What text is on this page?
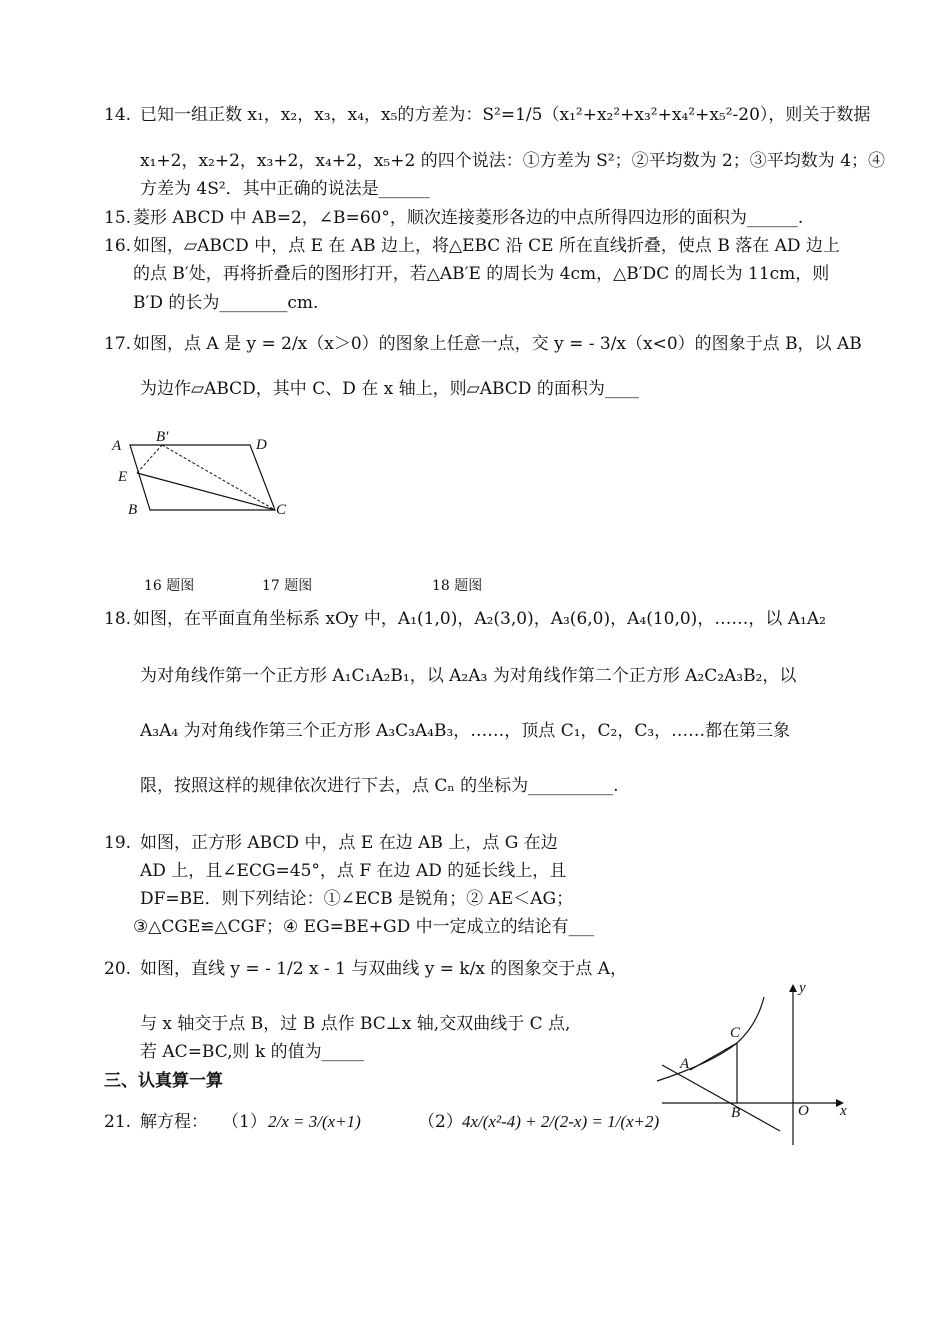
14. 已知一组正数 x₁，x₂，x₃，x₄，x₅的方差为：S²=1/5（x₁²+x₂²+x₃²+x₄²+x₅²-20），则关于数据
x₁+2，x₂+2，x₃+2，x₄+2，x₅+2 的四个说法：①方差为 S²；②平均数为 2；③平均数为 4；④
方差为 4S²．其中正确的说法是______
15. 菱形 ABCD 中 AB=2，∠B=60°，顺次连接菱形各边的中点所得四边形的面积为______.
16. 如图，▱ABCD 中，点 E 在 AB 边上，将△EBC 沿 CE 所在直线折叠，使点 B 落在 AD 边上
的点 B′处，再将折叠后的图形打开，若△AB′E 的周长为 4cm，△B′DC 的周长为 11cm，则
B′D 的长为________cm.
17. 如图，点 A 是 y = 2/x（x＞0）的图象上任意一点，交 y = - 3/x（x<0）的图象于点 B，以 AB
为边作▱ABCD，其中 C、D 在 x 轴上，则▱ABCD 的面积为____
A
B′	D
E
B	C
16 题图	17 题图	18 题图
18. 如图，在平面直角坐标系 xOy 中，A₁(1,0)，A₂(3,0)，A₃(6,0)，A₄(10,0)，……，以 A₁A₂
为对角线作第一个正方形 A₁C₁A₂B₁，以 A₂A₃ 为对角线作第二个正方形 A₂C₂A₃B₂，以
A₃A₄ 为对角线作第三个正方形 A₃C₃A₄B₃，……，顶点 C₁，C₂，C₃，……都在第三象
限，按照这样的规律依次进行下去，点 Cₙ 的坐标为__________.
19. 如图，正方形 ABCD 中，点 E 在边 AB 上，点 G 在边
AD 上，且∠ECG=45°，点 F 在边 AD 的延长线上，且
DF=BE．则下列结论：①∠ECB 是锐角；② AE＜AG；
③△CGE≌△CGF；④ EG=BE+GD 中一定成立的结论有___
20. 如图，直线 y = - 1/2 x - 1 与双曲线 y = k/x 的图象交于点 A，
与 x 轴交于点 B，过 B 点作 BC⊥x 轴,交双曲线于 C 点,
若 AC=BC,则 k 的值为_____
y
C
A
B	O x
三、认真算一算
21. 解方程： （1） 2/x = 3/(x+1)	（2） 4x/(x²-4) + 2/(2-x) = 1/(x+2)
